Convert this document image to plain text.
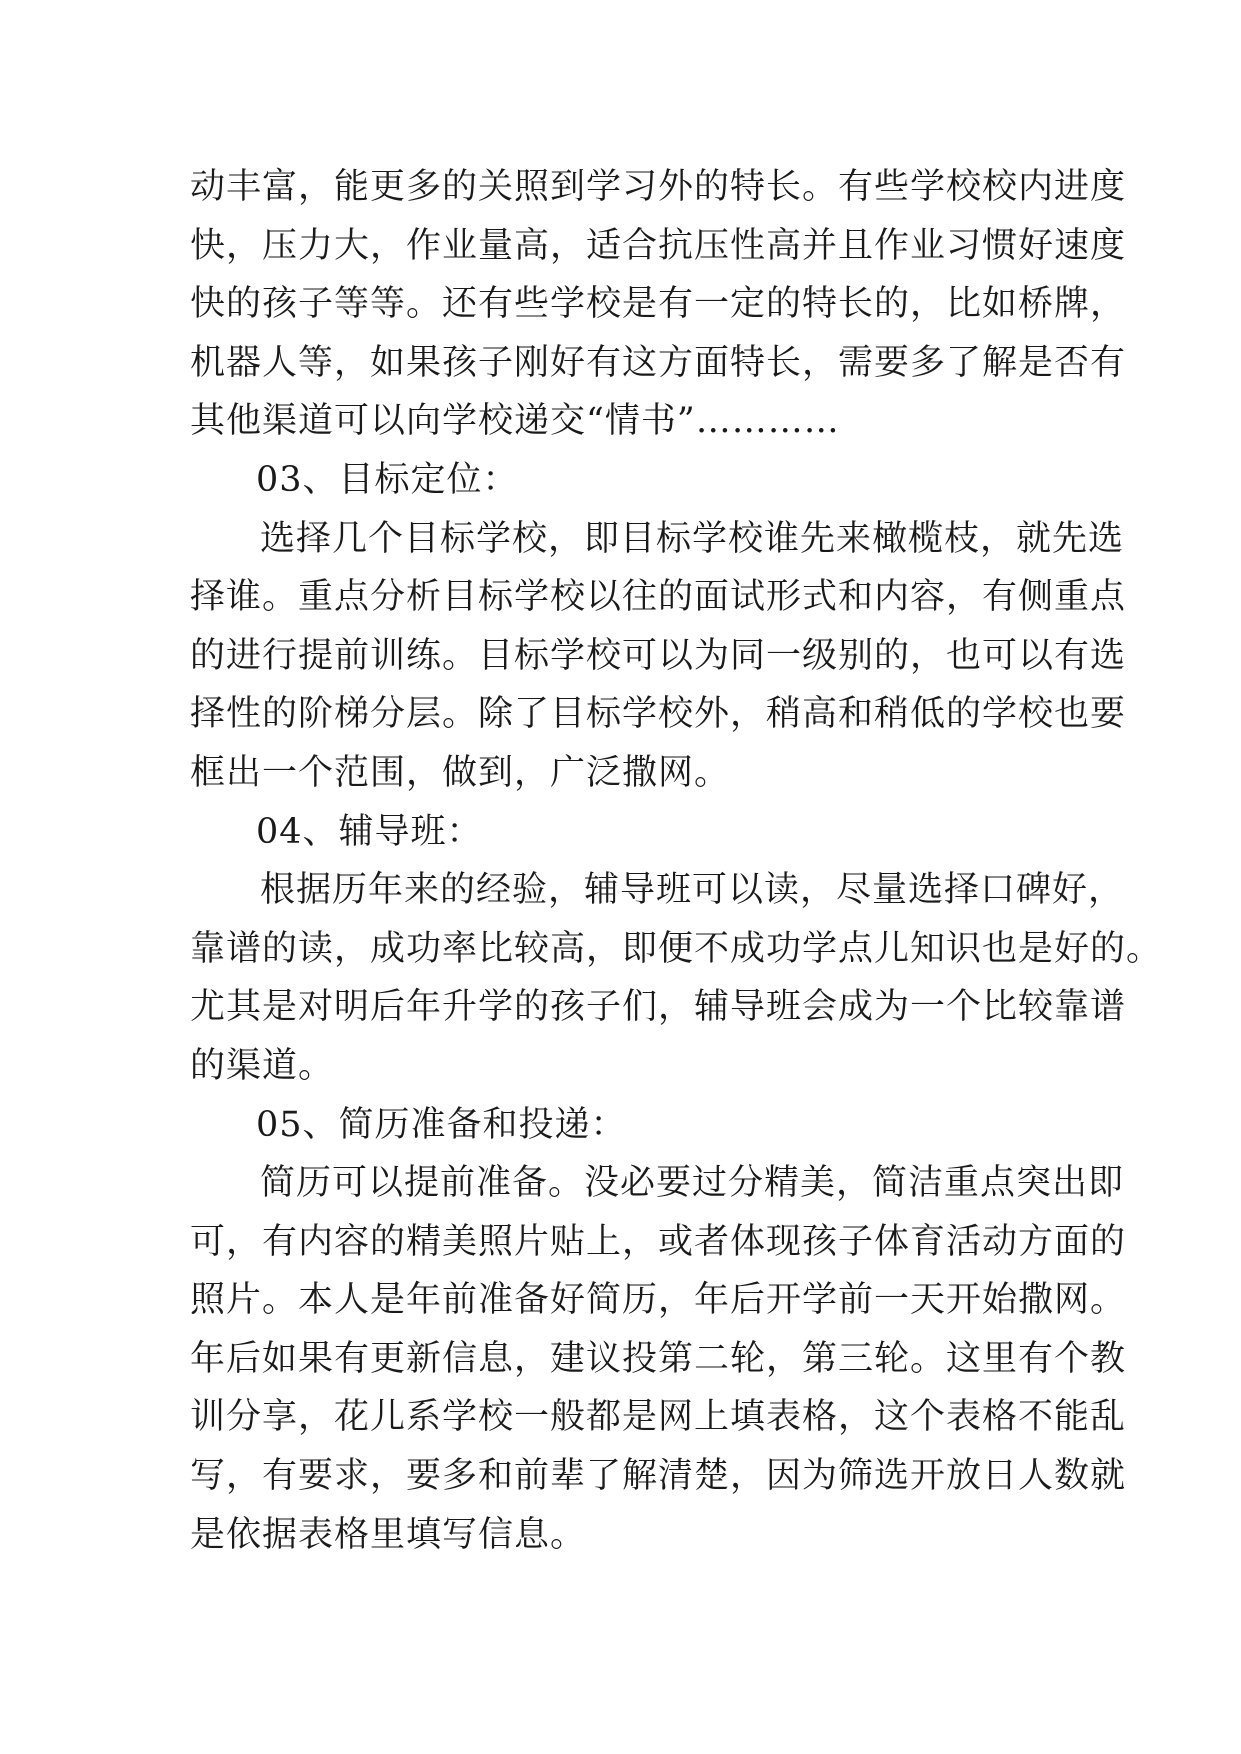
动丰富，能更多的关照到学习外的特长。有些学校校内进度
快，压力大，作业量高，适合抗压性高并且作业习惯好速度
快的孩子等等。还有些学校是有一定的特长的，比如桥牌，
机器人等，如果孩子刚好有这方面特长，需要多了解是否有
其他渠道可以向学校递交“情书”…………

03、目标定位：

选择几个目标学校，即目标学校谁先来橄榄枝，就先选
择谁。重点分析目标学校以往的面试形式和内容，有侧重点
的进行提前训练。目标学校可以为同一级别的，也可以有选
择性的阶梯分层。除了目标学校外，稍高和稍低的学校也要
框出一个范围，做到，广泛撒网。

04、辅导班：

根据历年来的经验，辅导班可以读，尽量选择口碑好，
靠谱的读，成功率比较高，即便不成功学点儿知识也是好的。
尤其是对明后年升学的孩子们，辅导班会成为一个比较靠谱
的渠道。

05、简历准备和投递：

简历可以提前准备。没必要过分精美，简洁重点突出即
可，有内容的精美照片贴上，或者体现孩子体育活动方面的
照片。本人是年前准备好简历，年后开学前一天开始撒网。
年后如果有更新信息，建议投第二轮，第三轮。这里有个教
训分享，花儿系学校一般都是网上填表格，这个表格不能乱
写，有要求，要多和前辈了解清楚，因为筛选开放日人数就
是依据表格里填写信息。
